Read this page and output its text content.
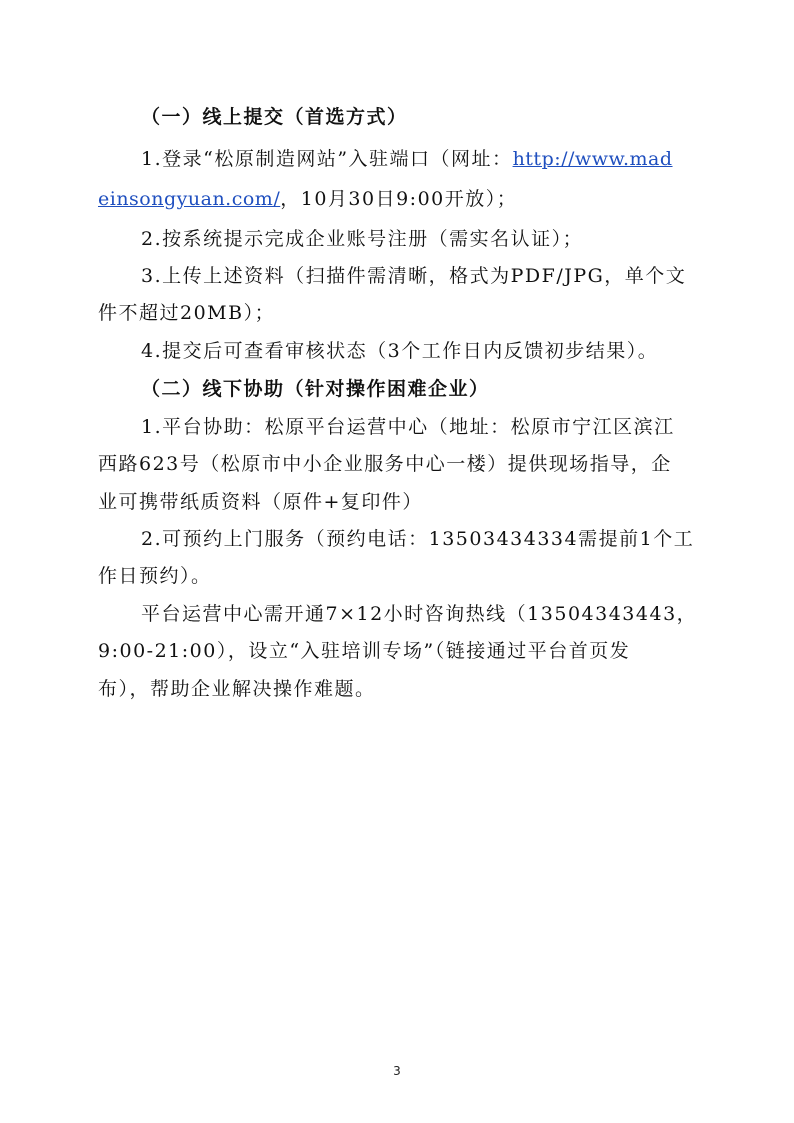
（一）线上提交（首选方式）
1.登录“松原制造网站”入驻端口（网址：http://www.mad
einsongyuan.com/，10月30日9:00开放）；
2.按系统提示完成企业账号注册（需实名认证）；
3.上传上述资料（扫描件需清晰，格式为PDF/JPG，单个文
件不超过20MB）；
4.提交后可查看审核状态（3个工作日内反馈初步结果）。
（二）线下协助（针对操作困难企业）
1.平台协助：松原平台运营中心（地址：松原市宁江区滨江
西路623号（松原市中小企业服务中心一楼）提供现场指导，企
业可携带纸质资料（原件+复印件）
2.可预约上门服务（预约电话：13503434334需提前1个工
作日预约）。
平台运营中心需开通7×12小时咨询热线（13504343443，
9:00-21:00），设立“入驻培训专场”（链接通过平台首页发
布），帮助企业解决操作难题。
3
